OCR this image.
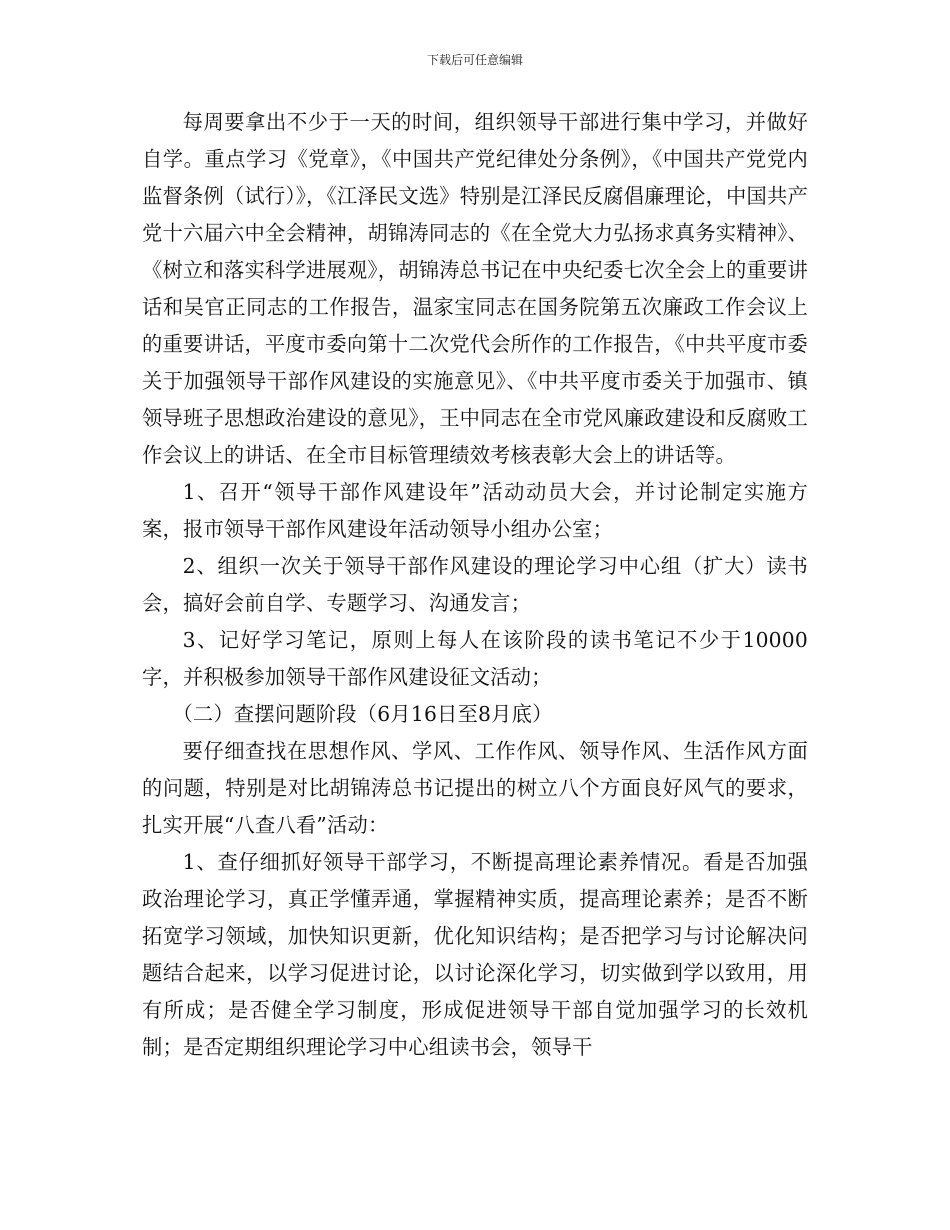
下载后可任意编辑

每周要拿出不少于一天的时间，组织领导干部进行集中学习，并做好自学。重点学习《党章》，《中国共产党纪律处分条例》，《中国共产党党内监督条例（试行）》，《江泽民文选》特别是江泽民反腐倡廉理论，中国共产党十六届六中全会精神，胡锦涛同志的《在全党大力弘扬求真务实精神》、《树立和落实科学进展观》，胡锦涛总书记在中央纪委七次全会上的重要讲话和吴官正同志的工作报告，温家宝同志在国务院第五次廉政工作会议上的重要讲话，平度市委向第十二次党代会所作的工作报告，《中共平度市委关于加强领导干部作风建设的实施意见》、《中共平度市委关于加强市、镇领导班子思想政治建设的意见》，王中同志在全市党风廉政建设和反腐败工作会议上的讲话、在全市目标管理绩效考核表彰大会上的讲话等。

1、召开“领导干部作风建设年”活动动员大会，并讨论制定实施方案，报市领导干部作风建设年活动领导小组办公室；

2、组织一次关于领导干部作风建设的理论学习中心组（扩大）读书会，搞好会前自学、专题学习、沟通发言；

3、记好学习笔记，原则上每人在该阶段的读书笔记不少于10000字，并积极参加领导干部作风建设征文活动；

（二）查摆问题阶段（6月16日至8月底）

要仔细查找在思想作风、学风、工作作风、领导作风、生活作风方面的问题，特别是对比胡锦涛总书记提出的树立八个方面良好风气的要求，扎实开展“八查八看”活动：

1、查仔细抓好领导干部学习，不断提高理论素养情况。看是否加强政治理论学习，真正学懂弄通，掌握精神实质，提高理论素养；是否不断拓宽学习领域，加快知识更新，优化知识结构；是否把学习与讨论解决问题结合起来，以学习促进讨论，以讨论深化学习，切实做到学以致用，用有所成；是否健全学习制度，形成促进领导干部自觉加强学习的长效机制；是否定期组织理论学习中心组读书会，领导干
